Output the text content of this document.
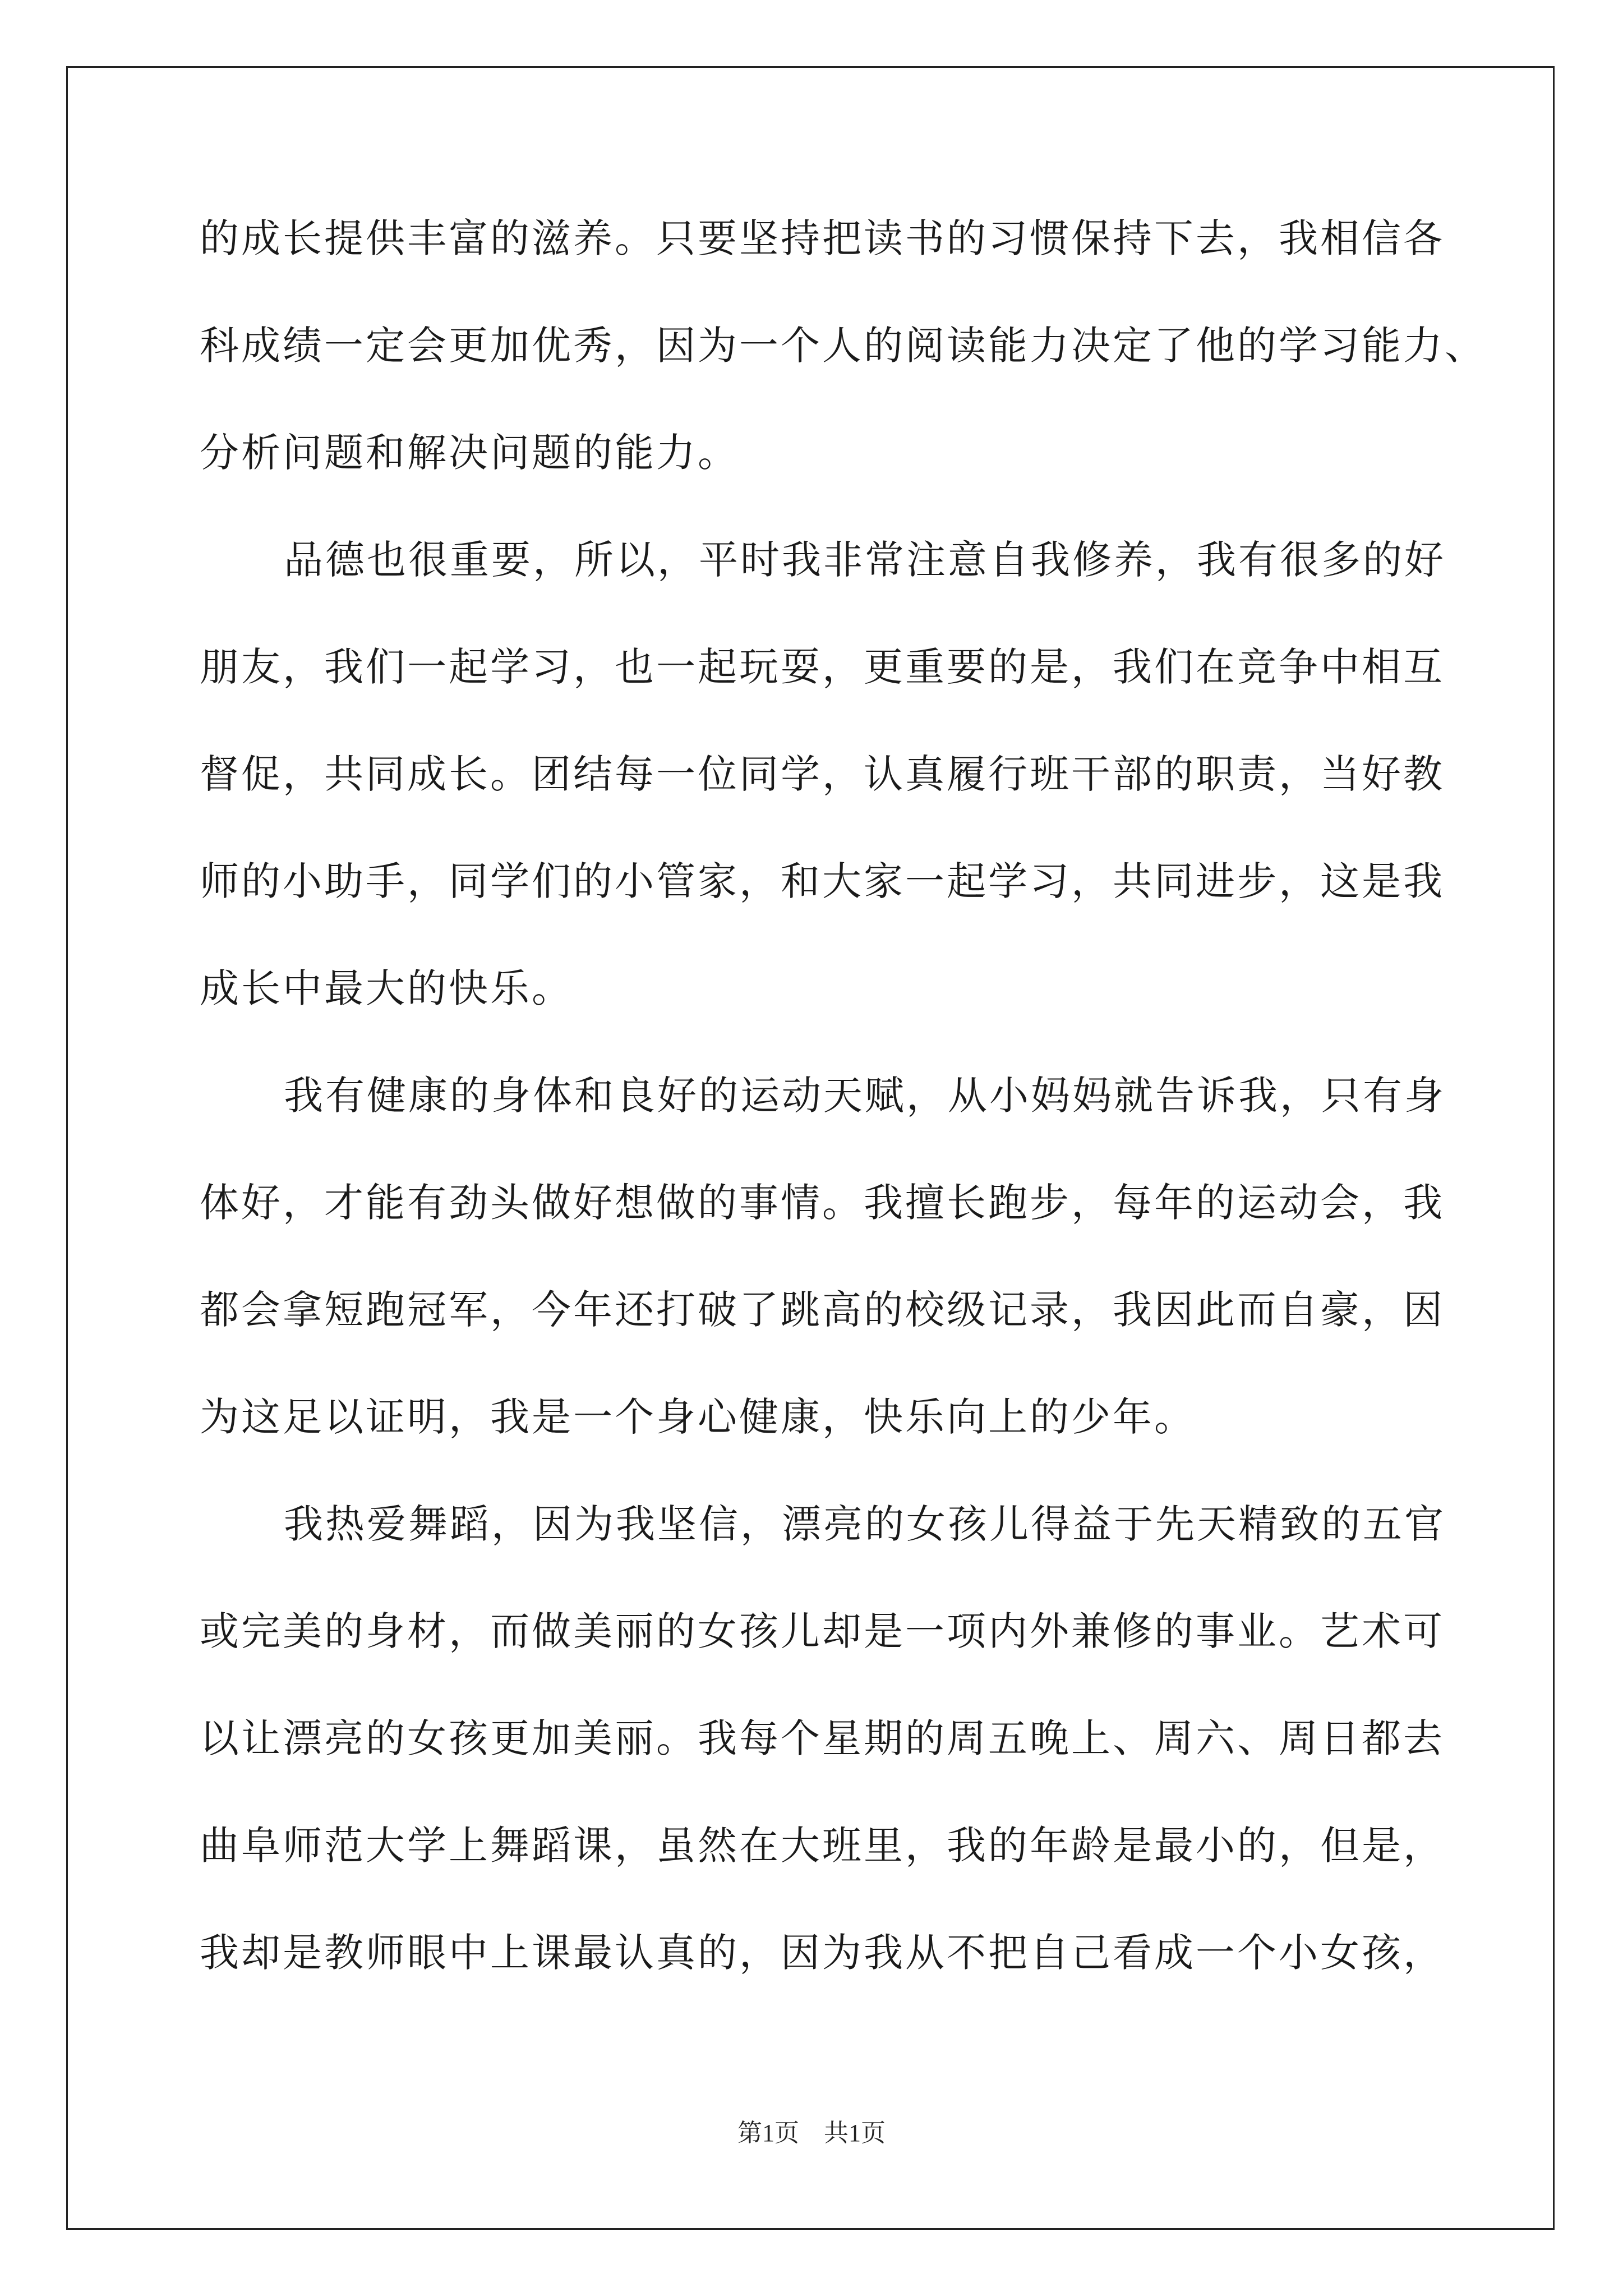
的成长提供丰富的滋养。只要坚持把读书的习惯保持下去，我相信各
科成绩一定会更加优秀，因为一个人的阅读能力决定了他的学习能力、
分析问题和解决问题的能力。
品德也很重要，所以，平时我非常注意自我修养，我有很多的好
朋友，我们一起学习，也一起玩耍，更重要的是，我们在竞争中相互
督促，共同成长。团结每一位同学，认真履行班干部的职责，当好教
师的小助手，同学们的小管家，和大家一起学习，共同进步，这是我
成长中最大的快乐。
我有健康的身体和良好的运动天赋，从小妈妈就告诉我，只有身
体好，才能有劲头做好想做的事情。我擅长跑步，每年的运动会，我
都会拿短跑冠军，今年还打破了跳高的校级记录，我因此而自豪，因
为这足以证明，我是一个身心健康，快乐向上的少年。
我热爱舞蹈，因为我坚信，漂亮的女孩儿得益于先天精致的五官
或完美的身材，而做美丽的女孩儿却是一项内外兼修的事业。艺术可
以让漂亮的女孩更加美丽。我每个星期的周五晚上、周六、周日都去
曲阜师范大学上舞蹈课，虽然在大班里，我的年龄是最小的，但是，
我却是教师眼中上课最认真的，因为我从不把自己看成一个小女孩，
第1页 共1页
